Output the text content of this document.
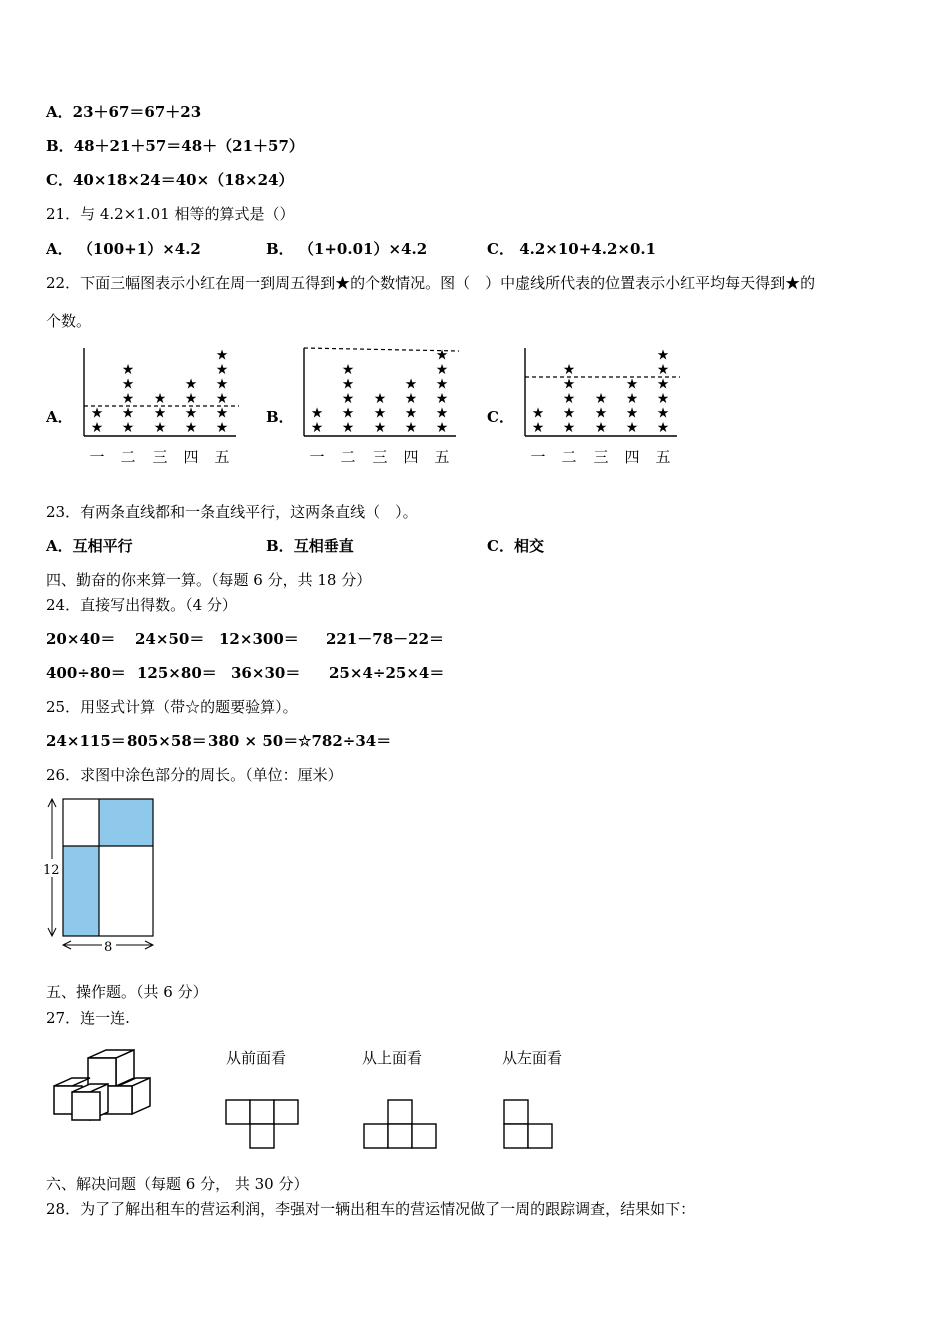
A．23＋67＝67＋23
B．48＋21＋57＝48＋（21＋57）
C．40×18×24＝40×（18×24）
21．与 4.2×1.01 相等的算式是（）
A． （100+1）×4.2	B． （1+0.01）×4.2	C． 4.2×10+4.2×0.1
22．下面三幅图表示小红在周一到周五得到★的个数情况。图（　）中虚线所代表的位置表示小红平均每天得到★的
个数。
A．	B．	C．
★
★
一
★
★
★
★
★
二
★
★
★
三
★
★
★
★
四
★
★
★
★
★
★
五
★
★
一
★
★
★
★
★
二
★
★
★
三
★
★
★
★
四
★
★
★
★
★
★
五
★
★
一
★
★
★
★
★
二
★
★
★
三
★
★
★
★
四
★
★
★
★
★
★
五
23．有两条直线都和一条直线平行，这两条直线（　）。
A．互相平行	B．互相垂直	C．相交
四、勤奋的你来算一算。（每题 6 分，共 18 分）
24．直接写出得数。（4 分）
20×40＝ 24×50＝ 12×300＝ 221－78－22＝
400÷80＝ 125×80＝ 36×30＝ 25×4÷25×4＝
25．用竖式计算（带☆的题要验算）。
24×115＝ 805×58＝ 380 × 50＝ ☆782÷34＝
26．求图中涂色部分的周长。（单位：厘米）
12
8
五、操作题。（共 6 分）
27．连一连.
从前面看	从上面看	从左面看
六、解决问题（每题 6 分， 共 30 分）
28．为了了解出租车的营运利润，李强对一辆出租车的营运情况做了一周的跟踪调查，结果如下：
